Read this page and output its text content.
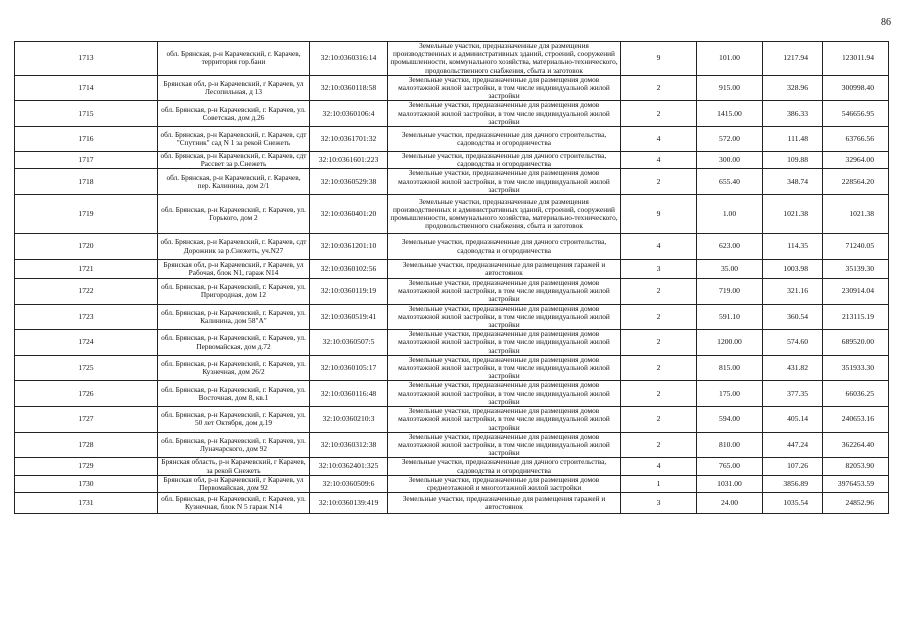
86
1713	обл. Брянская, р-н Карачевский, г. Карачев, территория гор.бани	32:10:0360316:14	Земельные участки, предназначенные для размещения производственных и административных зданий, строений, сооружений промышленности, коммунального хозяйства, материально-технического, продовольственного снабжения, сбыта и заготовок	9	101.00	1217.94	123011.94
1714	Брянская обл, р-н Карачевский, г Карачев, ул Лесопильная, д 13	32:10:0360118:58	Земельные участки, предназначенные для размещения домов малоэтажной жилой застройки, в том числе индивидуальной жилой застройки	2	915.00	328.96	300998.40
1715	обл. Брянская, р-н Карачевский, г. Карачев, ул. Советская, дом д.26	32:10:0360106:4	Земельные участки, предназначенные для размещения домов малоэтажной жилой застройки, в том числе индивидуальной жилой застройки	2	1415.00	386.33	546656.95
1716	обл. Брянская, р-н Карачевский, г. Карачев, сдт "Спутник" сад N 1 за рекой Снежеть	32:10:0361701:32	Земельные участки, предназначенные для дачного строительства, садоводства и огородничества	4	572.00	111.48	63766.56
1717	обл. Брянская, р-н Карачевский, г. Карачев, сдт Рассвет за р.Снежеть	32:10:0361601:223	Земельные участки, предназначенные для дачного строительства, садоводства и огородничества	4	300.00	109.88	32964.00
1718	обл. Брянская, р-н Карачевский, г. Карачев, пер. Калинина, дом 2/1	32:10:0360529:38	Земельные участки, предназначенные для размещения домов малоэтажной жилой застройки, в том числе индивидуальной жилой застройки	2	655.40	348.74	228564.20
1719	обл. Брянская, р-н Карачевский, г. Карачев, ул. Горького, дом 2	32:10:0360401:20	Земельные участки, предназначенные для размещения производственных и административных зданий, строений, сооружений промышленности, коммунального хозяйства, материально-технического, продовольственного снабжения, сбыта и заготовок	9	1.00	1021.38	1021.38
1720	обл. Брянская, р-н Карачевский, г. Карачев, сдт Дорожник за р.Снежеть, уч.N27	32:10:0361201:10	Земельные участки, предназначенные для дачного строительства, садоводства и огородничества	4	623.00	114.35	71240.05
1721	Брянская обл, р-н Карачевский, г Карачев, ул Рабочая, блок N1, гараж N14	32:10:0360102:56	Земельные участки, предназначенные для размещения гаражей и автостоянок	3	35.00	1003.98	35139.30
1722	обл. Брянская, р-н Карачевский, г. Карачев, ул. Пригородная, дом 12	32:10:0360119:19	Земельные участки, предназначенные для размещения домов малоэтажной жилой застройки, в том числе индивидуальной жилой застройки	2	719.00	321.16	230914.04
1723	обл. Брянская, р-н Карачевский, г. Карачев, ул. Калинина, дом 58"А"	32:10:0360519:41	Земельные участки, предназначенные для размещения домов малоэтажной жилой застройки, в том числе индивидуальной жилой застройки	2	591.10	360.54	213115.19
1724	обл. Брянская, р-н Карачевский, г. Карачев, ул. Первомайская, дом д.72	32:10:0360507:5	Земельные участки, предназначенные для размещения домов малоэтажной жилой застройки, в том числе индивидуальной жилой застройки	2	1200.00	574.60	689520.00
1725	обл. Брянская, р-н Карачевский, г. Карачев, ул. Кузнечная, дом 26/2	32:10:0360105:17	Земельные участки, предназначенные для размещения домов малоэтажной жилой застройки, в том числе индивидуальной жилой застройки	2	815.00	431.82	351933.30
1726	обл. Брянская, р-н Карачевский, г. Карачев, ул. Восточная, дом 8, кв.1	32:10:0360116:48	Земельные участки, предназначенные для размещения домов малоэтажной жилой застройки, в том числе индивидуальной жилой застройки	2	175.00	377.35	66036.25
1727	обл. Брянская, р-н Карачевский, г. Карачев, ул. 50 лет Октября, дом д.19	32:10:0360210:3	Земельные участки, предназначенные для размещения домов малоэтажной жилой застройки, в том числе индивидуальной жилой застройки	2	594.00	405.14	240653.16
1728	обл. Брянская, р-н Карачевский, г. Карачев, ул. Луначарского, дом 92	32:10:0360312:38	Земельные участки, предназначенные для размещения домов малоэтажной жилой застройки, в том числе индивидуальной жилой застройки	2	810.00	447.24	362264.40
1729	Брянская область, р-н Карачевский, г Карачев, за рекой Снежеть	32:10:0362401:325	Земельные участки, предназначенные для дачного строительства, садоводства и огородничества	4	765.00	107.26	82053.90
1730	Брянская обл, р-н Карачевский, г Карачев, ул Первомайская, дом 92	32:10:0360509:6	Земельные участки, предназначенные для размещения домов среднеэтажной и многоэтажной жилой застройки	1	1031.00	3856.89	3976453.59
1731	обл. Брянская, р-н Карачевский, г. Карачев, ул. Кузнечная, блок N 5 гараж N14	32:10:0360139:419	Земельные участки, предназначенные для размещения гаражей и автостоянок	3	24.00	1035.54	24852.96
